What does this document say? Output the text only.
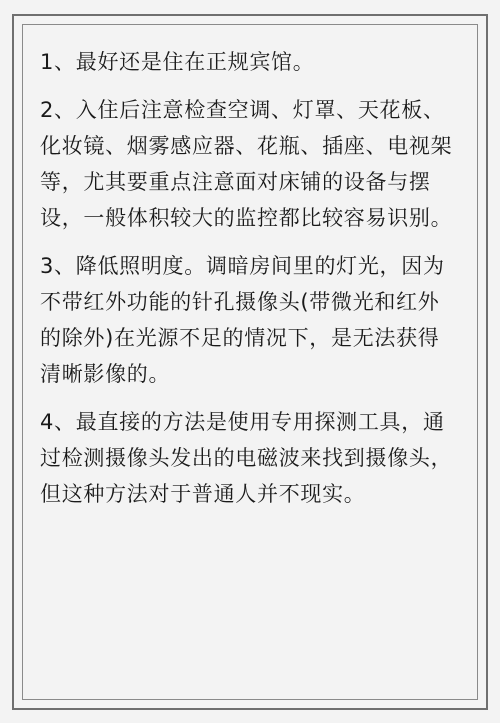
1、最好还是住在正规宾馆。

2、入住后注意检查空调、灯罩、天花板、化妆镜、烟雾感应器、花瓶、插座、电视架等，尤其要重点注意面对床铺的设备与摆设，一般体积较大的监控都比较容易识别。

3、降低照明度。调暗房间里的灯光，因为不带红外功能的针孔摄像头(带微光和红外的除外)在光源不足的情况下，是无法获得清晰影像的。

4、最直接的方法是使用专用探测工具，通过检测摄像头发出的电磁波来找到摄像头，但这种方法对于普通人并不现实。
